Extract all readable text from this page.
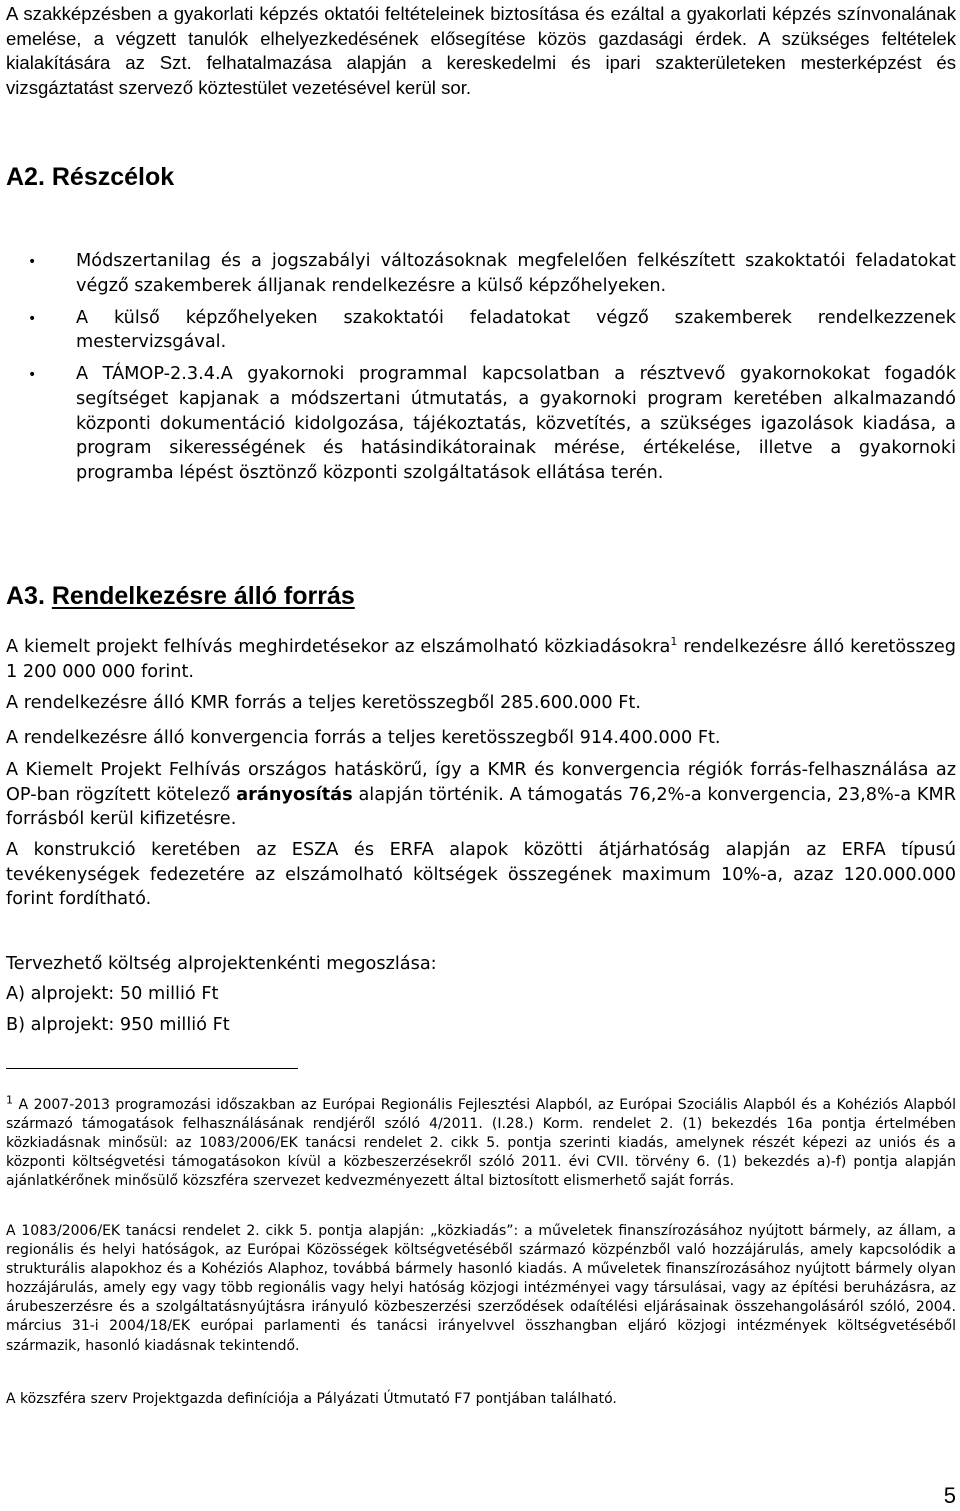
A szakképzésben a gyakorlati képzés oktatói feltételeinek biztosítása és ezáltal a gyakorlati képzés színvonalának emelése, a végzett tanulók elhelyezkedésének elősegítése közös gazdasági érdek. A szükséges feltételek kialakítására az Szt. felhatalmazása alapján a kereskedelmi és ipari szakterületeken mesterképzést és vizsgáztatást szervező köztestület vezetésével kerül sor.

A2. Részcélok
• Módszertanilag és a jogszabályi változásoknak megfelelően felkészített szakoktatói feladatokat végző szakemberek álljanak rendelkezésre a külső képzőhelyeken.
• A külső képzőhelyeken szakoktatói feladatokat végző szakemberek rendelkezzenek mestervizsgával.
• A TÁMOP-2.3.4.A gyakornoki programmal kapcsolatban a résztvevő gyakornokokat fogadók segítséget kapjanak a módszertani útmutatás, a gyakornoki program keretében alkalmazandó központi dokumentáció kidolgozása, tájékoztatás, közvetítés, a szükséges igazolások kiadása, a program sikerességének és hatásindikátorainak mérése, értékelése, illetve a gyakornoki programba lépést ösztönző központi szolgáltatások ellátása terén.
A3. Rendelkezésre álló forrás

A kiemelt projekt felhívás meghirdetésekor az elszámolható közkiadásokra$^1$ rendelkezésre álló keretösszeg 1 200 000 000 forint.

A rendelkezésre álló KMR forrás a teljes keretösszegből 285.600.000 Ft.

A rendelkezésre álló konvergencia forrás a teljes keretösszegből 914.400.000 Ft.

A Kiemelt Projekt Felhívás országos hatáskörű, így a KMR és konvergencia régiók forrás-felhasználása az OP-ban rögzített kötelező arányosítás alapján történik. A támogatás 76,2%-a konvergencia, 23,8%-a KMR forrásból kerül kifizetésre.

A konstrukció keretében az ESZA és ERFA alapok közötti átjárhatóság alapján az ERFA típusú tevékenységek fedezetére az elszámolható költségek összegének maximum 10%-a, azaz 120.000.000 forint fordítható.

Tervezhető költség alprojektenkénti megoszlása:

A) alprojekt: 50 millió Ft

B) alprojekt: 950 millió Ft

$^1$ A 2007-2013 programozási időszakban az Európai Regionális Fejlesztési Alapból, az Európai Szociális Alapból és a Kohéziós Alapból származó támogatások felhasználásának rendjéről szóló 4/2011. (I.28.) Korm. rendelet 2. (1) bekezdés 16a pontja értelmében közkiadásnak minősül: az 1083/2006/EK tanácsi rendelet 2. cikk 5. pontja szerinti kiadás, amelynek részét képezi az uniós és a központi költségvetési támogatásokon kívül a közbeszerzésekről szóló 2011. évi CVII. törvény 6. (1) bekezdés a)-f) pontja alapján ajánlatkérőnek minősülő közszféra szervezet kedvezményezett által biztosított elismerhető saját forrás.

A 1083/2006/EK tanácsi rendelet 2. cikk 5. pontja alapján: „közkiadás”: a műveletek finanszírozásához nyújtott bármely, az állam, a regionális és helyi hatóságok, az Európai Közösségek költségvetéséből származó közpénzből való hozzájárulás, amely kapcsolódik a strukturális alapokhoz és a Kohéziós Alaphoz, továbbá bármely hasonló kiadás. A műveletek finanszírozásához nyújtott bármely olyan hozzájárulás, amely egy vagy több regionális vagy helyi hatóság közjogi intézményei vagy társulásai, vagy az építési beruházásra, az árubeszerzésre és a szolgáltatásnyújtásra irányuló közbeszerzési szerződések odaítélési eljárásainak összehangolásáról szóló, 2004. március 31-i 2004/18/EK európai parlamenti és tanácsi irányelvvel összhangban eljáró közjogi intézmények költségvetéséből származik, hasonló kiadásnak tekintendő.

A közszféra szerv Projektgazda definíciója a Pályázati Útmutató F7 pontjában található.

5
